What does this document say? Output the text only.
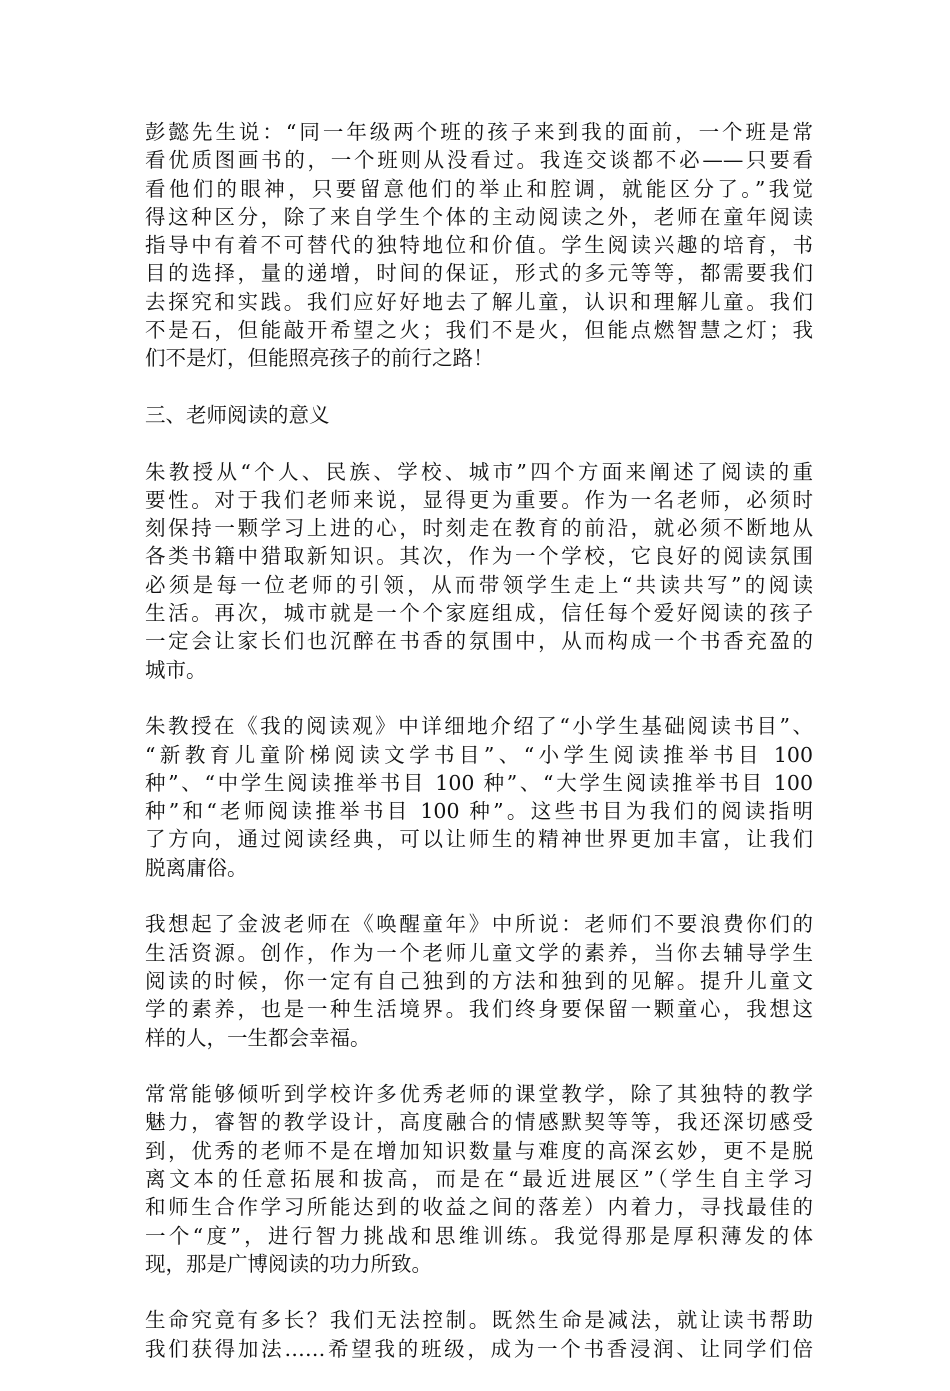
彭懿先生说：“同一年级两个班的孩子来到我的面前，一个班是常
看优质图画书的，一个班则从没看过。我连交谈都不必——只要看
看他们的眼神，只要留意他们的举止和腔调，就能区分了。”我觉
得这种区分，除了来自学生个体的主动阅读之外，老师在童年阅读
指导中有着不可替代的独特地位和价值。学生阅读兴趣的培育，书
目的选择，量的递增，时间的保证，形式的多元等等，都需要我们
去探究和实践。我们应好好地去了解儿童，认识和理解儿童。我们
不是石，但能敲开希望之火；我们不是火，但能点燃智慧之灯；我
们不是灯，但能照亮孩子的前行之路！

三、老师阅读的意义

朱教授从“个人、民族、学校、城市”四个方面来阐述了阅读的重
要性。对于我们老师来说，显得更为重要。作为一名老师，必须时
刻保持一颗学习上进的心，时刻走在教育的前沿，就必须不断地从
各类书籍中猎取新知识。其次，作为一个学校，它良好的阅读氛围
必须是每一位老师的引领，从而带领学生走上“共读共写”的阅读
生活。再次，城市就是一个个家庭组成，信任每个爱好阅读的孩子
一定会让家长们也沉醉在书香的氛围中，从而构成一个书香充盈的
城市。

朱教授在《我的阅读观》中详细地介绍了“小学生基础阅读书目”、
“新教育儿童阶梯阅读文学书目”、“小学生阅读推举书目 100
种”、“中学生阅读推举书目 100 种”、“大学生阅读推举书目 100
种”和“老师阅读推举书目 100 种”。这些书目为我们的阅读指明
了方向，通过阅读经典，可以让师生的精神世界更加丰富，让我们
脱离庸俗。

我想起了金波老师在《唤醒童年》中所说：老师们不要浪费你们的
生活资源。创作，作为一个老师儿童文学的素养，当你去辅导学生
阅读的时候，你一定有自己独到的方法和独到的见解。提升儿童文
学的素养，也是一种生活境界。我们终身要保留一颗童心，我想这
样的人，一生都会幸福。

常常能够倾听到学校许多优秀老师的课堂教学，除了其独特的教学
魅力，睿智的教学设计，高度融合的情感默契等等，我还深切感受
到，优秀的老师不是在增加知识数量与难度的高深玄妙，更不是脱
离文本的任意拓展和拔高，而是在“最近进展区”（学生自主学习
和师生合作学习所能达到的收益之间的落差）内着力，寻找最佳的
一个“度”，进行智力挑战和思维训练。我觉得那是厚积薄发的体
现，那是广博阅读的功力所致。

生命究竟有多长？我们无法控制。既然生命是减法，就让读书帮助
我们获得加法……希望我的班级，成为一个书香浸润、让同学们倍
